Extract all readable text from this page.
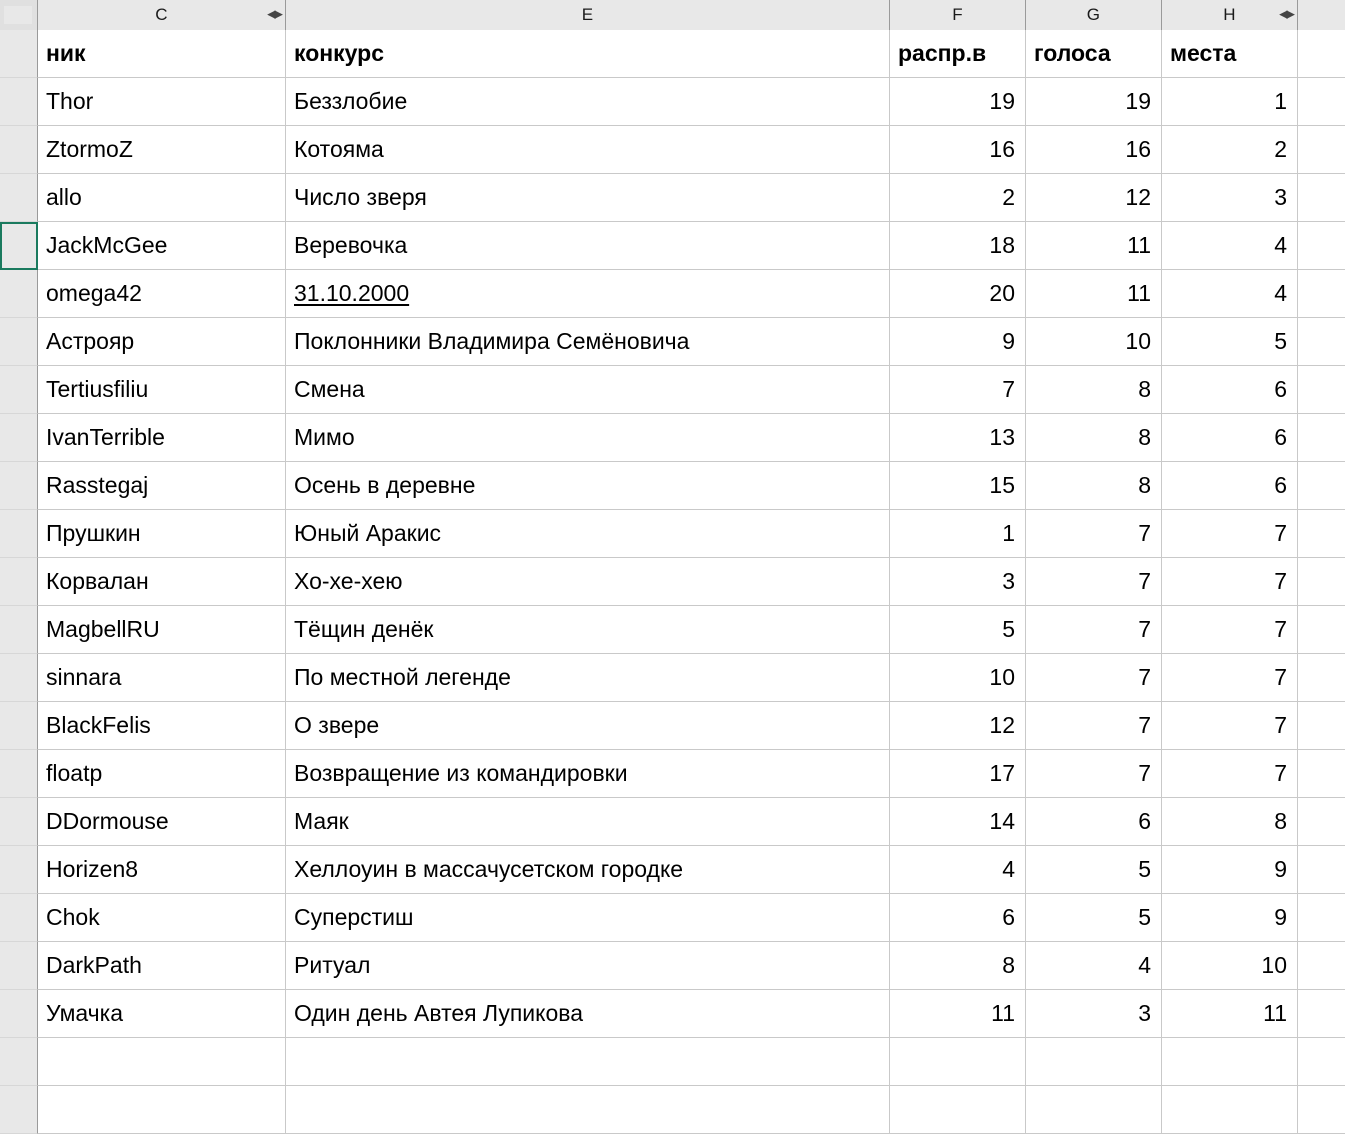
C	◀▶	E	F	G	H	◀▶
ник	конкурс	распр.в	голоса	места
Thor	Беззлобие	19	19	1
ZtormoZ	Котояма	16	16	2
allo	Число зверя	2	12	3
JackMcGee	Веревочка	18	11	4
omega42	31.10.2000	20	11	4
Астрояр	Поклонники Владимира Семёновича	9	10	5
Tertiusfiliu	Смена	7	8	6
IvanTerrible	Мимо	13	8	6
Rasstegaj	Осень в деревне	15	8	6
Прушкин	Юный Аракис	1	7	7
Корвалан	Хо-хе-хею	3	7	7
MagbellRU	Тёщин денёк	5	7	7
sinnara	По местной легенде	10	7	7
BlackFelis	О звере	12	7	7
floatp	Возвращение из командировки	17	7	7
DDormouse	Маяк	14	6	8
Horizen8	Хеллоуин в массачусетском городке	4	5	9
Chok	Суперстиш	6	5	9
DarkPath	Ритуал	8	4	10
Умачка	Один день Автея Лупикова	11	3	11
